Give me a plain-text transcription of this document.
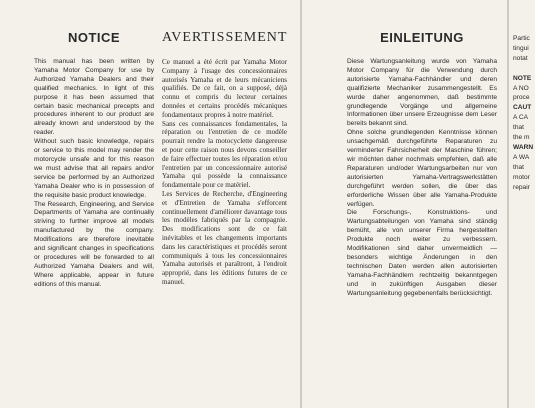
NOTICE

This manual has been written by Yamaha Motor Company for use by Authorized Yamaha Dealers and their qualified mechanics. In light of this purpose it has been assumed that certain basic mechanical precepts and procedures inherent to our product are already known and understood by the reader.

Without such basic knowledge, repairs or service to this model may render the motorcycle unsafe and for this reason we must advise that all repairs and/or service be performed by an Authorized Yamaha Dealer who is in possession of the requisite basic product knowledge.

The Research, Engineering, and Service Departments of Yamaha are continually striving to further improve all models manufactured by the company. Modifications are therefore inevitable and significant changes in specifications or procedures will be forwarded to all Authorized Yamaha Dealers and will, Where applicable, appear in future editions of this manual.

AVERTISSEMENT

Ce manuel a été écrit par Yamaha Motor Company à l'usage des concessionnaires autorisés Yamaha et de leurs mécaniciens qualifiés. De ce fait, on a supposé, déjà connu et compris du lecteur certaines données et certains procédés mécaniques fondamentaux propres à notre matériel.

Sans ces connaissances fondamentales, la réparation ou l'entretien de ce modèle pourrait rendre la motocyclette dangereuse et pour cette raison nous devons conseiller de faire effectuer toutes les réparation et/ou l'entretien par un concessionnaire autorisé Yamaha qui possède la connaissance fondamentale pour ce matériel.

Les Services de Recherche, d'Engineering et d'Entretien de Yamaha s'efforcent continuellement d'améliorer davantage tous les modèles fabriqués par la compagnie. Des modifications sont de ce fait inévitables et les changements importants dans les caractéristiques et procédés seront communiqués à tous les concessionnaires Yamaha autorisés et paraîtront, à l'endroit approprié, dans les éditions futures de ce manuel.

EINLEITUNG

Diese Wartungsanleitung wurde von Yamaha Motor Company für die Verwendung durch autorisierte Yamaha-Fachhändler und deren qualifizierte Mechaniker zusammengestellt. Es wurde daher angenommen, daß bestimmte grundlegende Vorgänge und allgemeine Informationen über unsere Erzeugnisse dem Leser bereits bekannt sind.

Ohne solche grundlegenden Kenntnisse können unsachgemäß durchgeführte Reparaturen zu verminderter Fahrsicherheit der Maschine führen; wir möchten daher nochmals empfehlen, daß alle Reparaturen und/oder Wartungsarbeiten nur von autorisierten Yamaha-Vertragswerkstätten durchgeführt werden sollen, die über das erforderliche Wissen über alle Yamaha-Produkte verfügen.

Die Forschungs-, Konstruktions- und Wartungsabteilungen von Yamaha sind ständig bemüht, alle von unserer Firma hergestellten Produkte noch weiter zu verbessern. Modifikationen sind daher unvermeidlich — besonders wichtige Änderungen in den technischen Daten werden allen autorisierten Yamaha-Fachhändlern rechtzeitig bekanntgegen und in zukünftigen Ausgaben dieser Wartungsanleitung gegebenenfalls berücksichtigt.

Partic
tingui
notat

NOTE
A NO
proce
CAUT
A CA
that
the m
WARN
A WA
that
motor
repair
